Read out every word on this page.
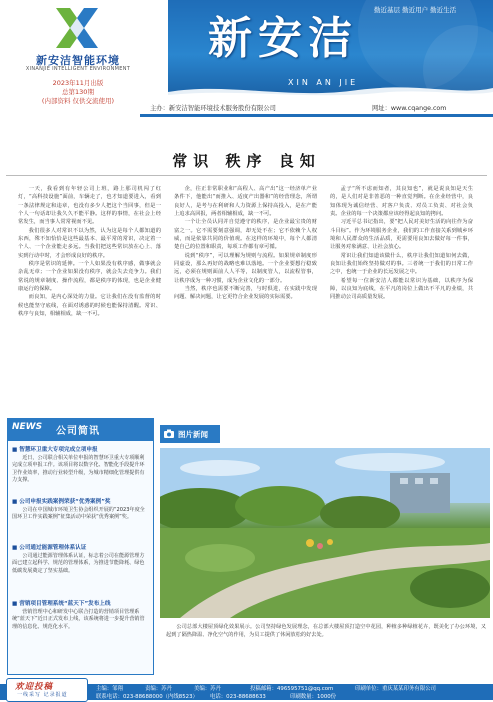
新安洁智能环境
XINANJIE INTELLIGENT ENVIRONMENT
2023年11月出版
总第130期
(内部资料 仅供交流使用)
新安洁
XIN AN JIE
勤近基层 勤近用户 勤近生活
主办：新安洁智能环境技术服务股份有限公司	网址：www.cqange.com
常识 秩序 良知

一天，我看到有年轻公司上班，路上那司机闯了红灯，“高科技设施”面前，车辆走了，也才知道要进入，看到一条法律规定和违章，也没有多少人把这个当回事，但是一个人一句话却让我久久不能平静。这样的事情，在社会上经常发生，而当事人常常视而不见。

我们很多人对常识不以为然，认为这是每个人都知道的东西，殊不知恰恰是这些最基本、最平常的常识，决定着一个人、一个企业能走多远。当我们把这些常识放在心上、落实到行动中时，才会形成良好的秩序。

秩序是常识的延伸。一个人如果没有秩序感，做事就会杂乱无章；一个企业如果没有秩序，就会失去竞争力。我们常说的规章制度、操作流程，都是秩序的体现，也是企业健康运行的保障。

而良知，是内心深处的力量。它让我们在没有监督的时候也能坚守底线，在面对诱惑的时候也能保持清醒。常识、秩序与良知，相辅相成，缺一不可。

企，往正非常职业和“高程人、高产出”这一经济单产业条件下，他能出“而推入、适度产出器和”的经营理念，所谓良好人，是考与在利研和人力资源上保持高投入，是在产能上追求高回报，两者相辅相成，缺一不可。

一个让全员认同并自觉遵守的秩序，是企业最宝贵的财富之一。它不需要刻意强调，却无处不在；它不依赖个人权威，而是依靠共同的价值观。在这样的环境中，每个人都清楚自己的位置和职责，每项工作都有章可循。

说到“秩序”，可以理解为规则与流程。如果规章制度形同虚设，那么再好的战略也难以落地。一个企业要想行稳致远，必须在规则面前人人平等，以制度管人，以流程管事，让秩序成为一种习惯，成为企业文化的一部分。

当然，秩序也需要不断完善，与时俱进，在实践中发现问题、解决问题，让它更符合企业发展的实际需要。

孟子“所不虑而知者，其良知也”，就是说良知是天生的，是人们对是非善恶的一种直觉判断。在企业经营中，良知体现为诚信经营、对客户负责、对员工负责、对社会负责。企业的每一个决策都应该经得起良知的拷问。

习近平总书记指出，要“把人民对美好生活的向往作为奋斗目标”。作为环境服务企业，我们的工作直接关系到城乡环境和人民群众的生活品质，更需要用良知去做好每一件事，让服务对象满意、让社会放心。

常识让我们知道该做什么，秩序让我们知道如何去做，良知让我们始终坚持做对的事。三者统一于我们的日常工作之中，也统一于企业的长远发展之中。

希望每一位新安洁人都能以常识为基础，以秩序为保障，以良知为底线，在平凡的岗位上做出不平凡的业绩，共同推动公司高质量发展。

NEWS 公司简讯
■ 智慧环卫重大专项完成立项申报
近日，公司联合相关单位申报的智慧环卫重大专项顺利完成立项申报工作。该项目将以数字化、智能化手段提升环卫作业效率，推动行业转型升级，为城市精细化管理提供有力支撑。
■ 公司申报实践案例荣获“优秀案例”奖
公司在中国城市环境卫生协会组织开展的“2023年度全国环卫工作实践案例”征集活动中荣获“优秀案例”奖。
■ 公司通过能源管理体系认证
公司通过能源管理体系认证，标志着公司在能源管理方面已建立起科学、规范的管理体系，为推进节能降耗、绿色低碳发展奠定了坚实基础。
■ 营销项目管理系统“蓝天下”发布上线
营销管理中心和研发中心联合打造的营销项目管理系统“蓝天下”近日正式发布上线，该系统将进一步提升营销管理的信息化、规范化水平。
图片新闻
公司总部大楼屋顶绿化效果展示。公司坚持绿色发展理念，在总部大楼屋顶打造空中花园，种植多种绿植花卉，既美化了办公环境，又起到了隔热降温、净化空气的作用，为员工提供了休闲放松的好去处。
欢迎投稿
一线采写 记录报道
主编：邹翔	责编：苏丹	美编：苏丹	投稿邮箱：496595751@qq.com
联系电话：023-88688000（内线8523） 电话：023-88688633	印刷数量：1000份
印刷单位：重庆某某印务有限公司
